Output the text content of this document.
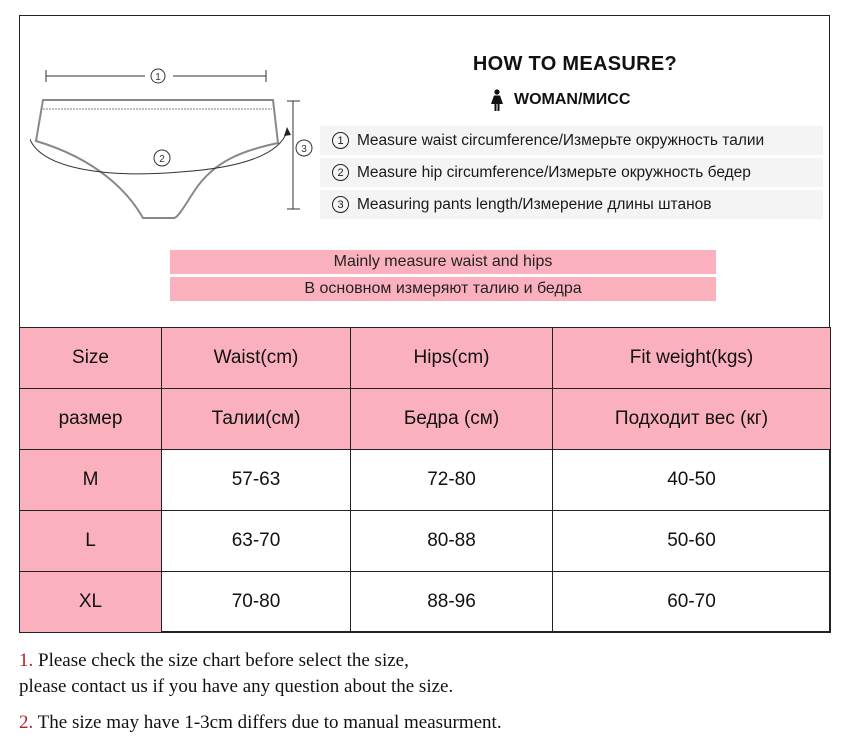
1
2
3
HOW TO MEASURE?
WOMAN/МИСС
1 Measure waist circumference/Измерьте окружность талии
2 Measure hip circumference/Измерьте окружность бедер
3 Measuring pants length/Измерение длины штанов
Mainly measure waist and hips
В основном измеряют талию и бедра
Size	Waist(cm)	Hips(cm)	Fit weight(kgs)
размер	Талии(см)	Бедра (см)	Подходит вес (кг)
M	57-63	72-80	40-50
L	63-70	80-88	50-60
XL	70-80	88-96	60-70

1. Please check the size chart before select the size,

please contact us if you have any question about the size.

2. The size may have 1-3cm differs due to manual measurment.
